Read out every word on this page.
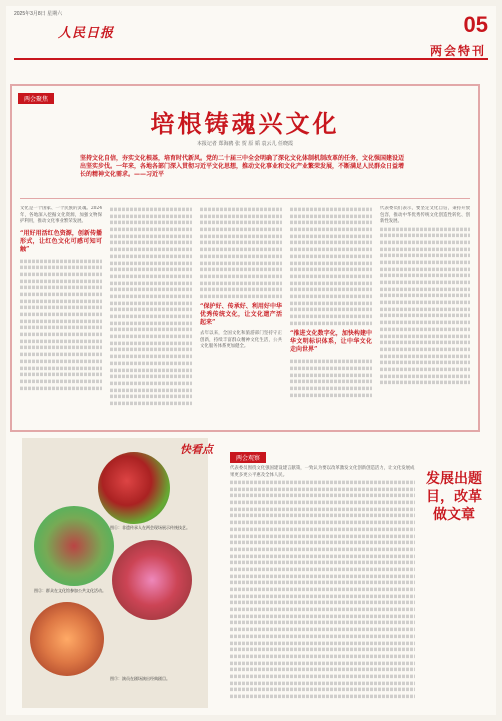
2025年3月8日 星期六
人民日报	05
两会特刊
两会聚焦
培根铸魂兴文化
本报记者 郑海鸥 张 贺 原 韬 袁云儿 任晓霞
坚持文化自信，夯实文化根基，培育时代新风。党的二十届三中全会明确了深化文化体制机制改革的任务，文化强国建设迈出坚实步伐。一年来，各地各部门深入贯彻习近平文化思想，推动文化事业和文化产业繁荣发展，不断满足人民群众日益增长的精神文化需求。——习近平
文化是一个国家、一个民族的灵魂。2024年，各地深入挖掘文化资源，加强文物保护利用，推动文化事业繁荣发展。
“用好用活红色资源，创新传播形式，让红色文化可感可知可触”
“保护好、传承好、利用好中华优秀传统文化，让文化遗产活起来”
去年以来，全国文化和旅游部门坚持守正创新，持续丰富群众精神文化生活，公共文化服务体系更加健全。
“推进文化数字化，加快构建中华文明标识体系，让中华文化走向世界”
代表委员们表示，要坚定文化自信，秉持开放包容，推动中华优秀传统文化创造性转化、创新性发展。
快看点
图①：非遗传承人在两会现场展示传统技艺。
图②：群众在文化馆参加公共文化活动。
图③：演员在剧场演出经典剧目。
两会观察
代表委员围绕文化强国建设建言献策，一致认为要以改革激发文化创新创造活力，让文化发展成果更多更公平惠及全体人民。	发展出题目，改革做文章
